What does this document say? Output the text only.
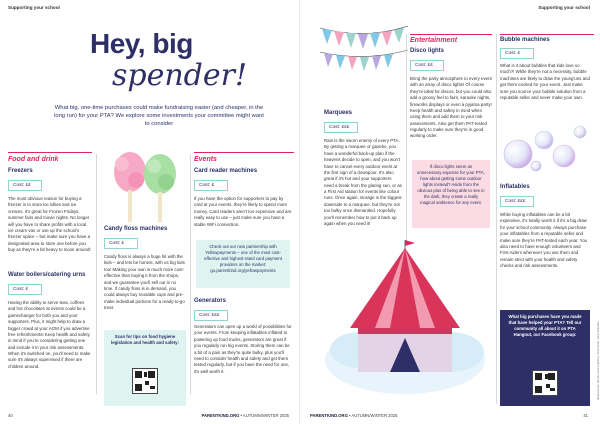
Supporting your school
Hey, big
spender!
What big, one-time purchases could make fundraising easier (and cheaper, in the long run) for your PTA? We explore some investments your committee might want to consider
Food and drink
Freezers
Cost: ££
The most obvious reason for buying a freezer is to store ice lollies and ice creams. It's great for Frozen Fridays, summer fairs and movie nights. No longer will you have to share profits with a local ice cream van or use up the school's freezer space – but make sure you have a designated area to store one before you buy as they're a bit heavy to move around!
Water boilers/catering urns
Cost: £
Having the ability to serve teas, coffees and hot chocolates at events could be a gamechanger for both you and your supporters. Plus, it might help to draw a bigger crowd at your AGM if you advertise free refreshments! Keep health and safety in mind if you're considering getting one and include it in your risk assessments. When it's switched on, you'll need to make sure it's always supervised if there are children around.
Candy floss machines
Cost: £
Candy floss is always a huge hit with the kids – and lets be honest, with us big kids too! Making your own is much more cost-effective than buying it from the shops, and we guarantee you'll sell out in no time. If candy floss is in demand, you could always buy reusable cups and pre-make individual portions for a ready-to-go treat.
Scan for tips on food hygiene legislation and health and safety:
Events
Card reader machines
Cost: £
If you have the option for supporters to pay by card at your events, they're likely to spend more money. Card readers aren't too expensive and are really easy to use – just make sure you have a stable WiFi connection.
Check out our new partnership with Yellowpayments – one of the most cost-effective and highest-rated card payment providers on the market: go.parentkind.org/yellowpayments
Generators
Cost: £££
Generators can open up a world of possibilities for your events. From keeping inflatables inflated to powering up food trucks, generators are great if you regularly run big events. Storing them can be a bit of a pain as they're quite bulky, plus you'll need to consider health and safety and get them tested regularly, but if you have the need for one, it's well worth it.
40	PARENTKIND.ORG • AUTUMN/WINTER 2025
Supporting your school
Marquees
Cost: £££
Rain is the sworn enemy of every PTA. By getting a marquee or gazebo, you have a wonderful back-up plan if the heavens decide to open, and you won't have to cancel every outdoor event at the first sign of a downpour. It's also great if it's hot and your supporters need a break from the glaring sun, or as a First Aid station for events like colour runs. Once again, storage is the biggest downside to a marquee, but they're not too bulky once dismantled. Hopefully you'll remember how to put it back up again when you need it!
Entertainment
Disco lights
Cost: ££
Bring the party atmosphere to every event with an array of disco lights! Of course they're ideal for discos, but you could also add a groovy feel to fairs, karaoke nights, fireworks displays or even a pyjama party! Keep health and safety in mind when using them and add them to your risk assessments. Also get them PAT-tested regularly to make sure they're in good working order.
If disco lights seem an unnecessary expense for your PTA, how about getting some outdoor lights instead? Aside from the obvious plus of being able to see in the dark, they create a really magical ambience for any event.
Bubble machines
Cost: £
What is it about bubbles that kids love so much?! While they're not a necessity, bubble machines are likely to draw the young'uns and get them excited for your event. Just make sure you source your bubble solution from a reputable seller and never make your own.
Inflatables
Cost: £££
While buying inflatables can be a bit expensive, it's totally worth it if it's a big draw for your school community. Always purchase your inflatables from a reputable seller and make sure they're PAT-tested each year. You also need to have enough volunteers and First Aiders whenever you use them and remain strict with your health and safety checks and risk assessments.
What big purchases have you made that have helped your PTA? Tell our community all about it on PTA Hangout, our Facebook group:	Illustrations: iStock.com/ pakchai, Vectorchic, Faitl, Nikolina
PARENTKIND.ORG • AUTUMN/WINTER 2025	41
